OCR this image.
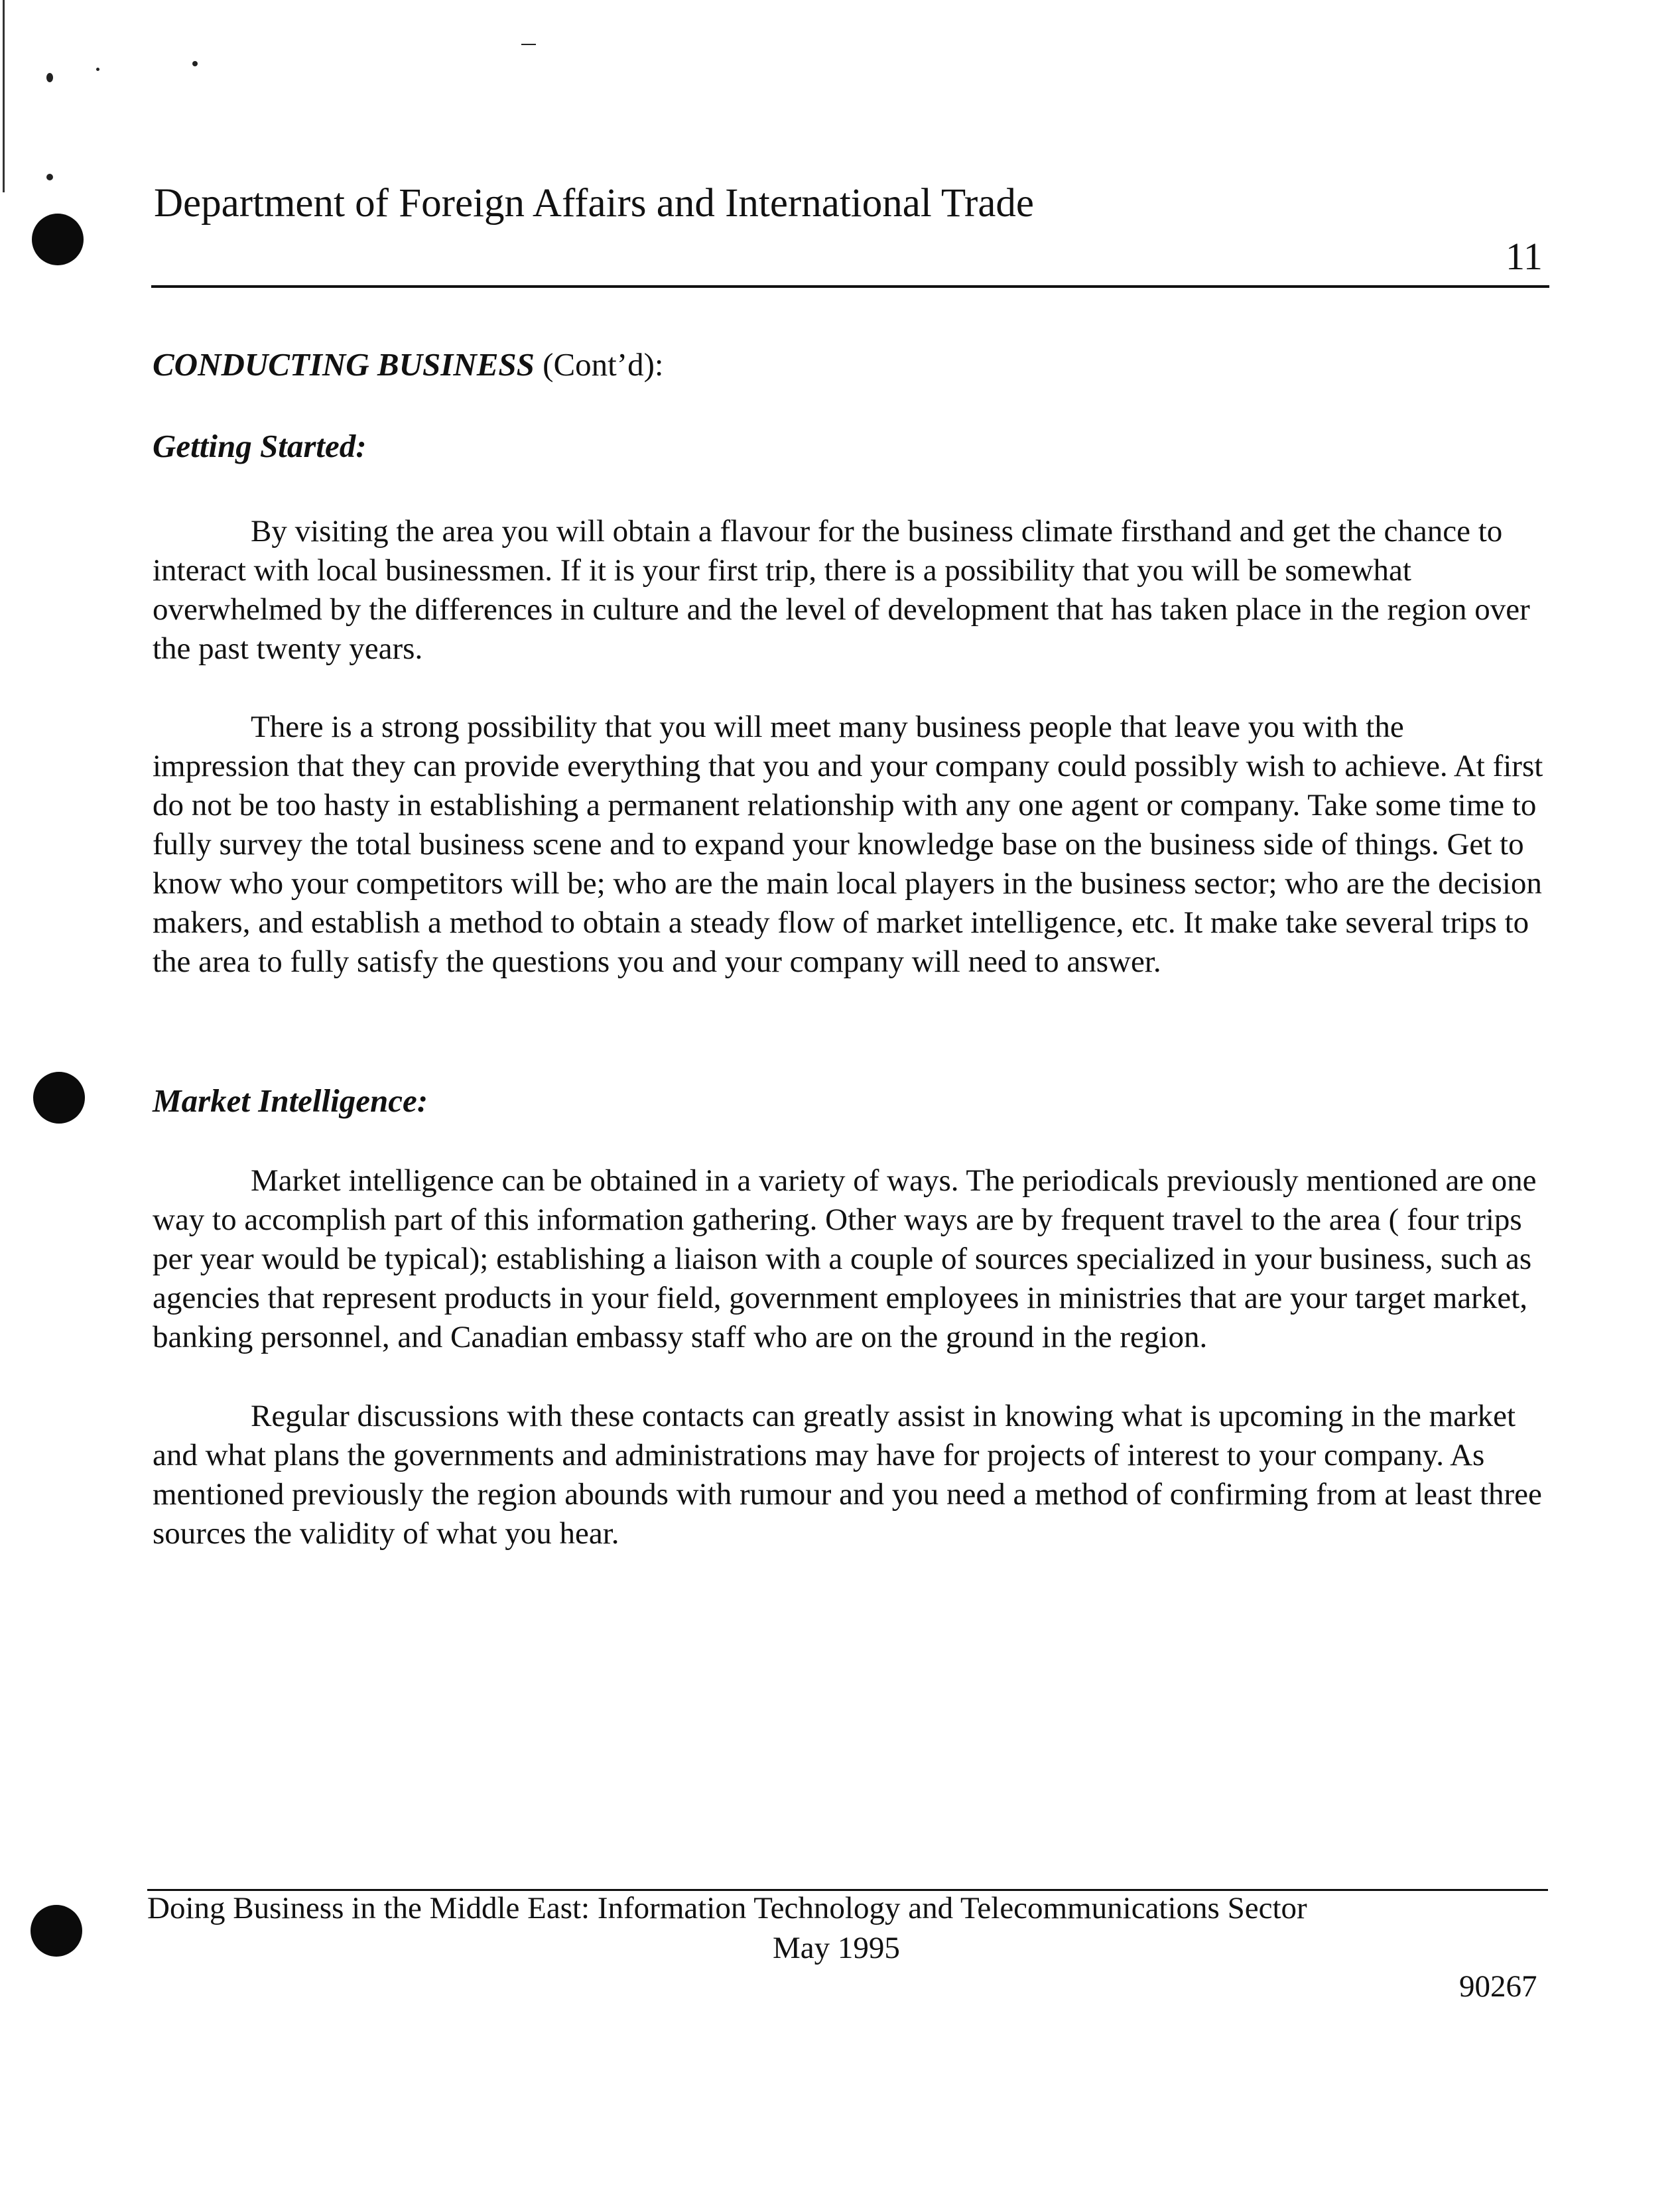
Department of Foreign Affairs and International Trade
11

CONDUCTING BUSINESS (Cont’d):

Getting Started:

By visiting the area you will obtain a flavour for the business climate firsthand and get the chance to interact with local businessmen. If it is your first trip, there is a possibility that you will be somewhat overwhelmed by the differences in culture and the level of development that has taken place in the region over the past twenty years.

There is a strong possibility that you will meet many business people that leave you with the impression that they can provide everything that you and your company could possibly wish to achieve. At first do not be too hasty in establishing a permanent relationship with any one agent or company. Take some time to fully survey the total business scene and to expand your knowledge base on the business side of things. Get to know who your competitors will be; who are the main local players in the business sector; who are the decision makers, and establish a method to obtain a steady flow of market intelligence, etc. It make take several trips to the area to fully satisfy the questions you and your company will need to answer.

Market Intelligence:

Market intelligence can be obtained in a variety of ways. The periodicals previously mentioned are one way to accomplish part of this information gathering. Other ways are by frequent travel to the area ( four trips per year would be typical); establishing a liaison with a couple of sources specialized in your business, such as agencies that represent products in your field, government employees in ministries that are your target market, banking personnel, and Canadian embassy staff who are on the ground in the region.

Regular discussions with these contacts can greatly assist in knowing what is upcoming in the market and what plans the governments and administrations may have for projects of interest to your company. As mentioned previously the region abounds with rumour and you need a method of confirming from at least three sources the validity of what you hear.

Doing Business in the Middle East: Information Technology and Telecommunications Sector
May 1995
90267
